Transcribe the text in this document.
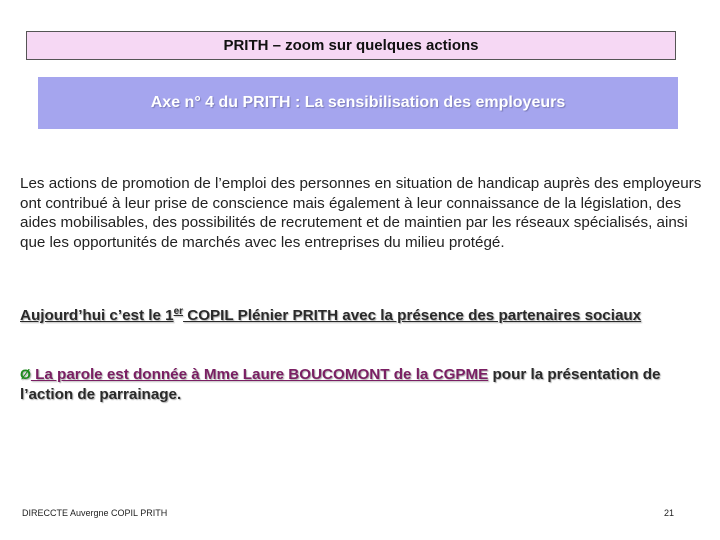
PRITH – zoom sur quelques actions
Axe n° 4 du PRITH : La sensibilisation des employeurs
Les actions de promotion de l’emploi des personnes en situation de handicap auprès des employeurs ont contribué à leur prise de conscience mais également à leur connaissance de la législation, des aides mobilisables, des possibilités de recrutement et de maintien par les réseaux spécialisés, ainsi que les opportunités de marchés avec les entreprises du milieu protégé.
Aujourd’hui c’est le 1er COPIL Plénier PRITH avec la présence des partenaires sociaux
Ø La parole est donnée à Mme Laure BOUCOMONT de la CGPME pour la présentation de l’action de parrainage.
DIRECCTE Auvergne COPIL PRITH	21
